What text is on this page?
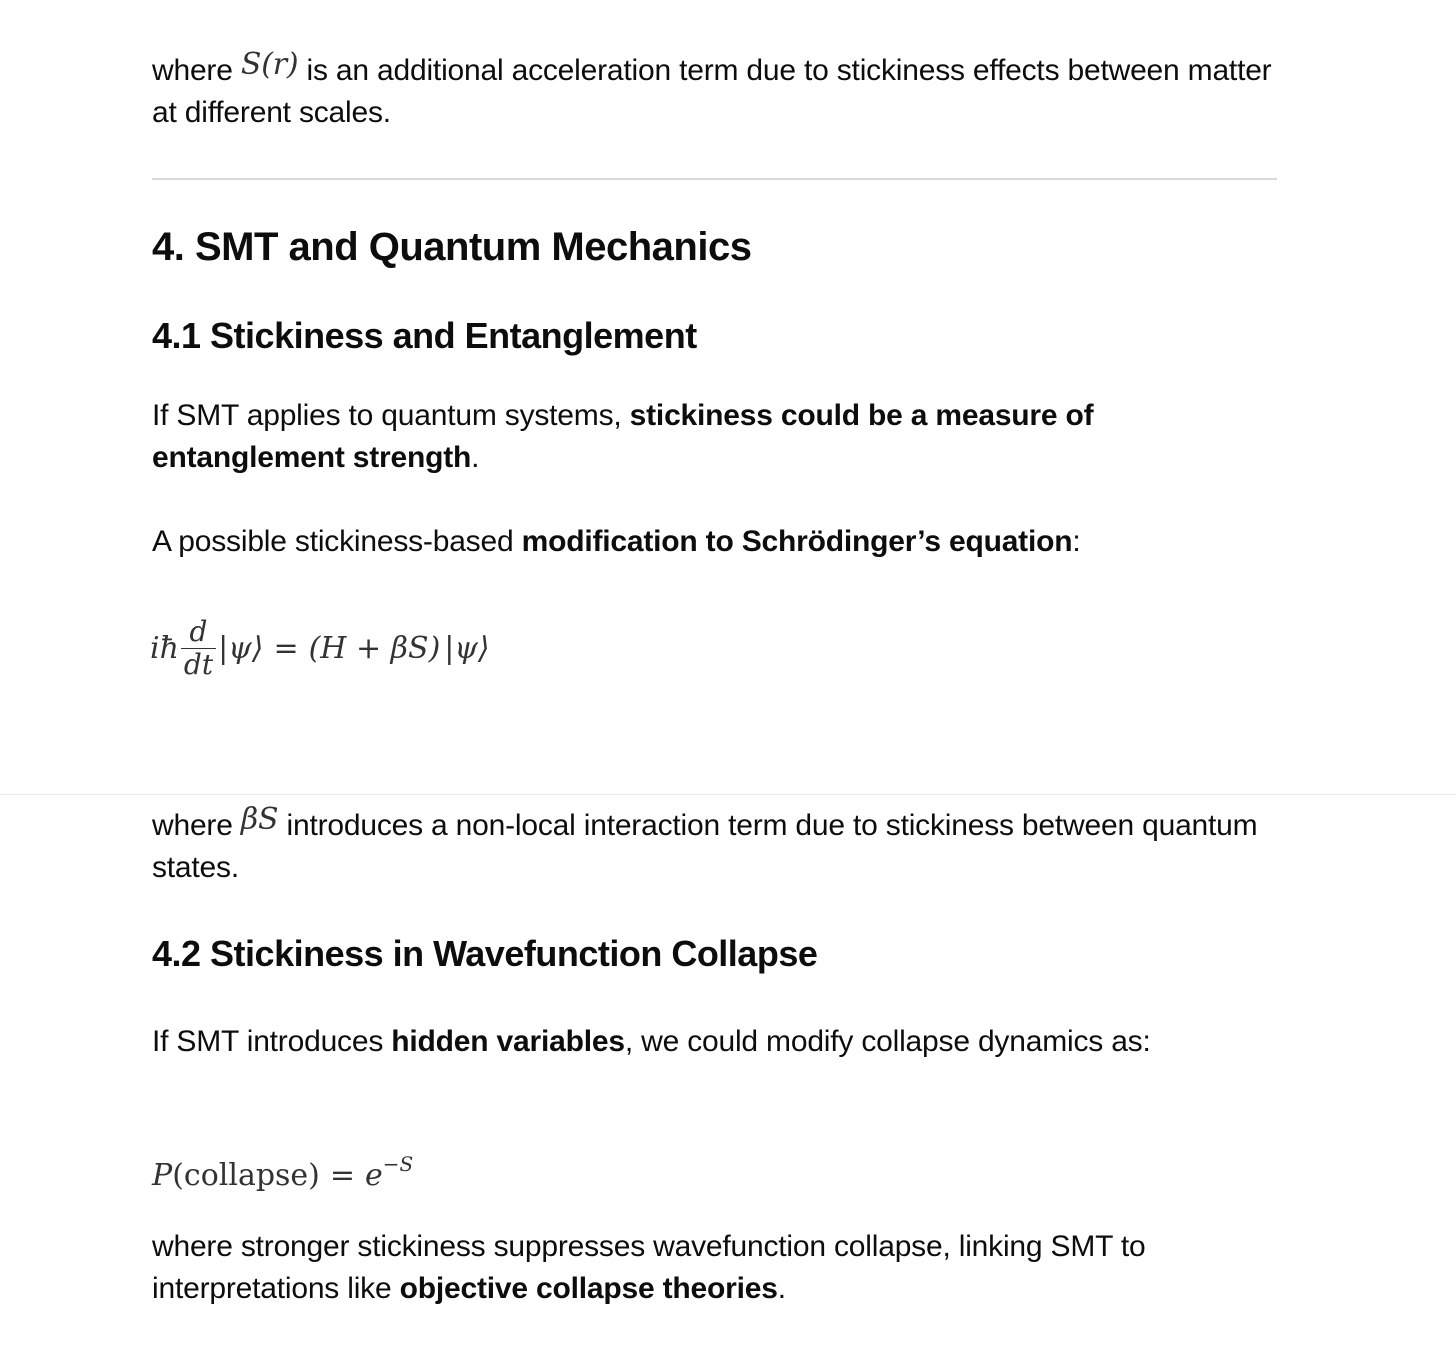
where S(r) is an additional acceleration term due to stickiness effects between matter at different scales.

4. SMT and Quantum Mechanics
4.1 Stickiness and Entanglement

If SMT applies to quantum systems, stickiness could be a measure of entanglement strength.

A possible stickiness-based modification to Schrödinger’s equation:

iħ $\frac{d}{dt}$ |ψ⟩ = (H + βS) |ψ⟩

where βS introduces a non-local interaction term due to stickiness between quantum states.

4.2 Stickiness in Wavefunction Collapse

If SMT introduces hidden variables, we could modify collapse dynamics as:

P (collapse) = $e^{-S}$

where stronger stickiness suppresses wavefunction collapse, linking SMT to interpretations like objective collapse theories.
